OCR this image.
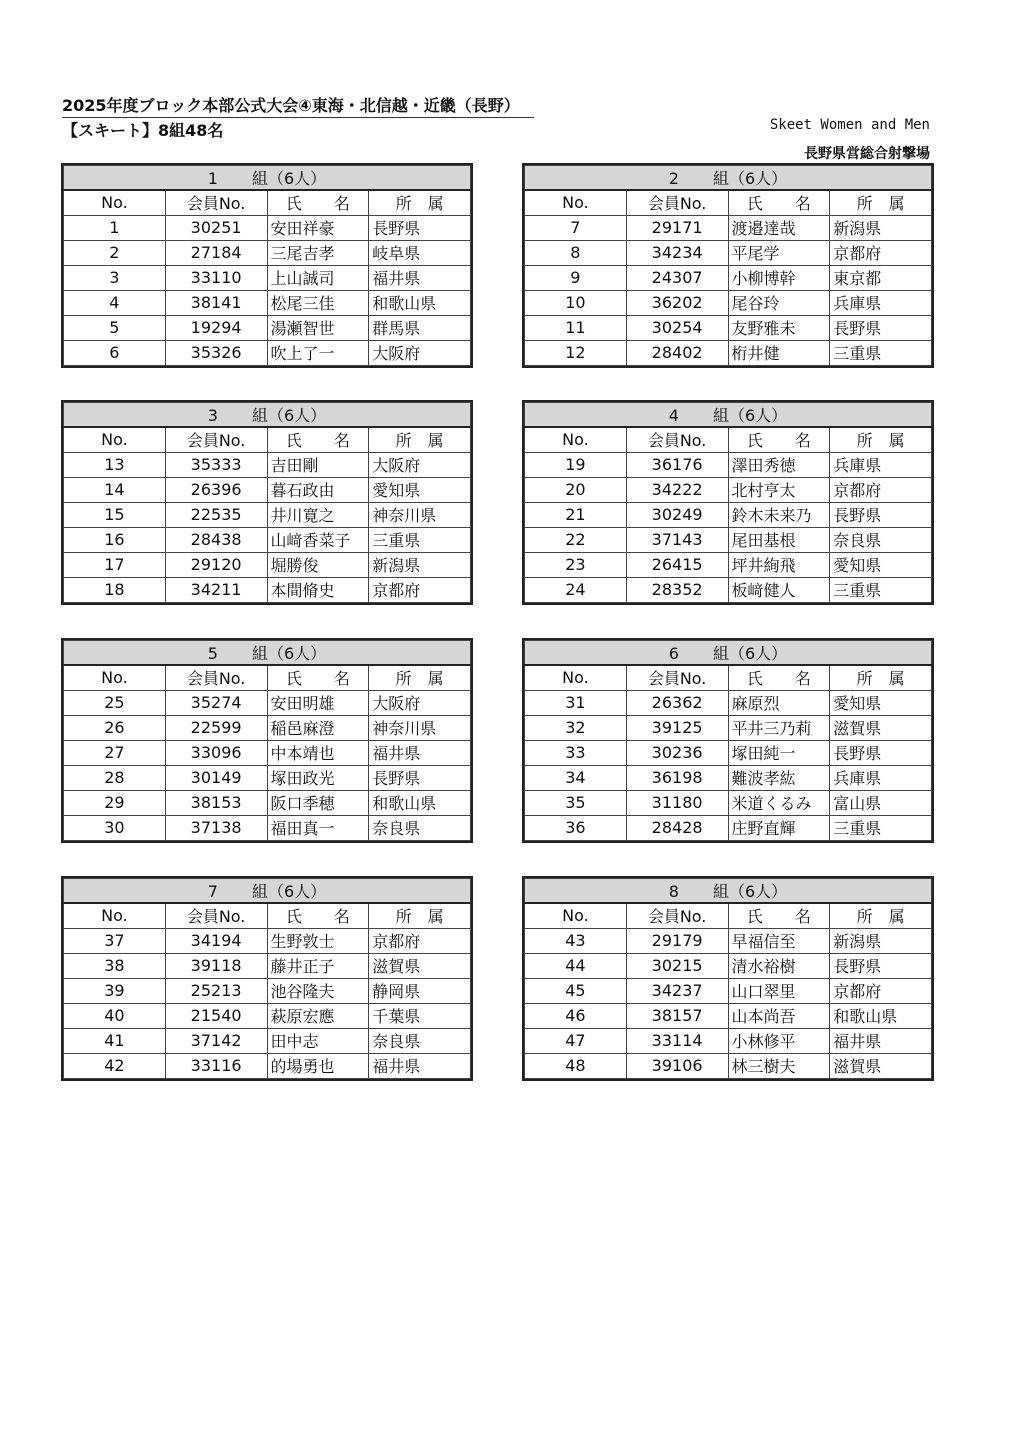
2025年度ブロック本部公式大会④東海・北信越・近畿（長野）
【スキート】8組48名	Skeet Women and Men
長野県営総合射撃場
1 組（6人）			
No.	会員No.	氏 名	所 属
1	30251	安田祥豪	長野県
2	27184	三尾吉孝	岐阜県
3	33110	上山誠司	福井県
4	38141	松尾三佳	和歌山県
5	19294	湯瀬智世	群馬県
6	35326	吹上了一	大阪府
2 組（6人）			
No.	会員No.	氏 名	所 属
7	29171	渡邉達哉	新潟県
8	34234	平尾学	京都府
9	24307	小柳博幹	東京都
10	36202	尾谷玲	兵庫県
11	30254	友野雅未	長野県
12	28402	桁井健	三重県
3 組（6人）			
No.	会員No.	氏 名	所 属
13	35333	吉田剛	大阪府
14	26396	暮石政由	愛知県
15	22535	井川寛之	神奈川県
16	28438	山﨑香菜子	三重県
17	29120	堀勝俊	新潟県
18	34211	本間脩史	京都府
4 組（6人）			
No.	会員No.	氏 名	所 属
19	36176	澤田秀徳	兵庫県
20	34222	北村亨太	京都府
21	30249	鈴木未来乃	長野県
22	37143	尾田基根	奈良県
23	26415	坪井絢飛	愛知県
24	28352	板﨑健人	三重県
5 組（6人）			
No.	会員No.	氏 名	所 属
25	35274	安田明雄	大阪府
26	22599	稲邑麻澄	神奈川県
27	33096	中本靖也	福井県
28	30149	塚田政光	長野県
29	38153	阪口季穂	和歌山県
30	37138	福田真一	奈良県
6 組（6人）			
No.	会員No.	氏 名	所 属
31	26362	麻原烈	愛知県
32	39125	平井三乃莉	滋賀県
33	30236	塚田純一	長野県
34	36198	難波孝紘	兵庫県
35	31180	米道くるみ	富山県
36	28428	庄野直輝	三重県
7 組（6人）			
No.	会員No.	氏 名	所 属
37	34194	生野敦士	京都府
38	39118	藤井正子	滋賀県
39	25213	池谷隆夫	静岡県
40	21540	萩原宏應	千葉県
41	37142	田中志	奈良県
42	33116	的場勇也	福井県
8 組（6人）			
No.	会員No.	氏 名	所 属
43	29179	早福信至	新潟県
44	30215	清水裕樹	長野県
45	34237	山口翠里	京都府
46	38157	山本尚吾	和歌山県
47	33114	小林修平	福井県
48	39106	林三樹夫	滋賀県
